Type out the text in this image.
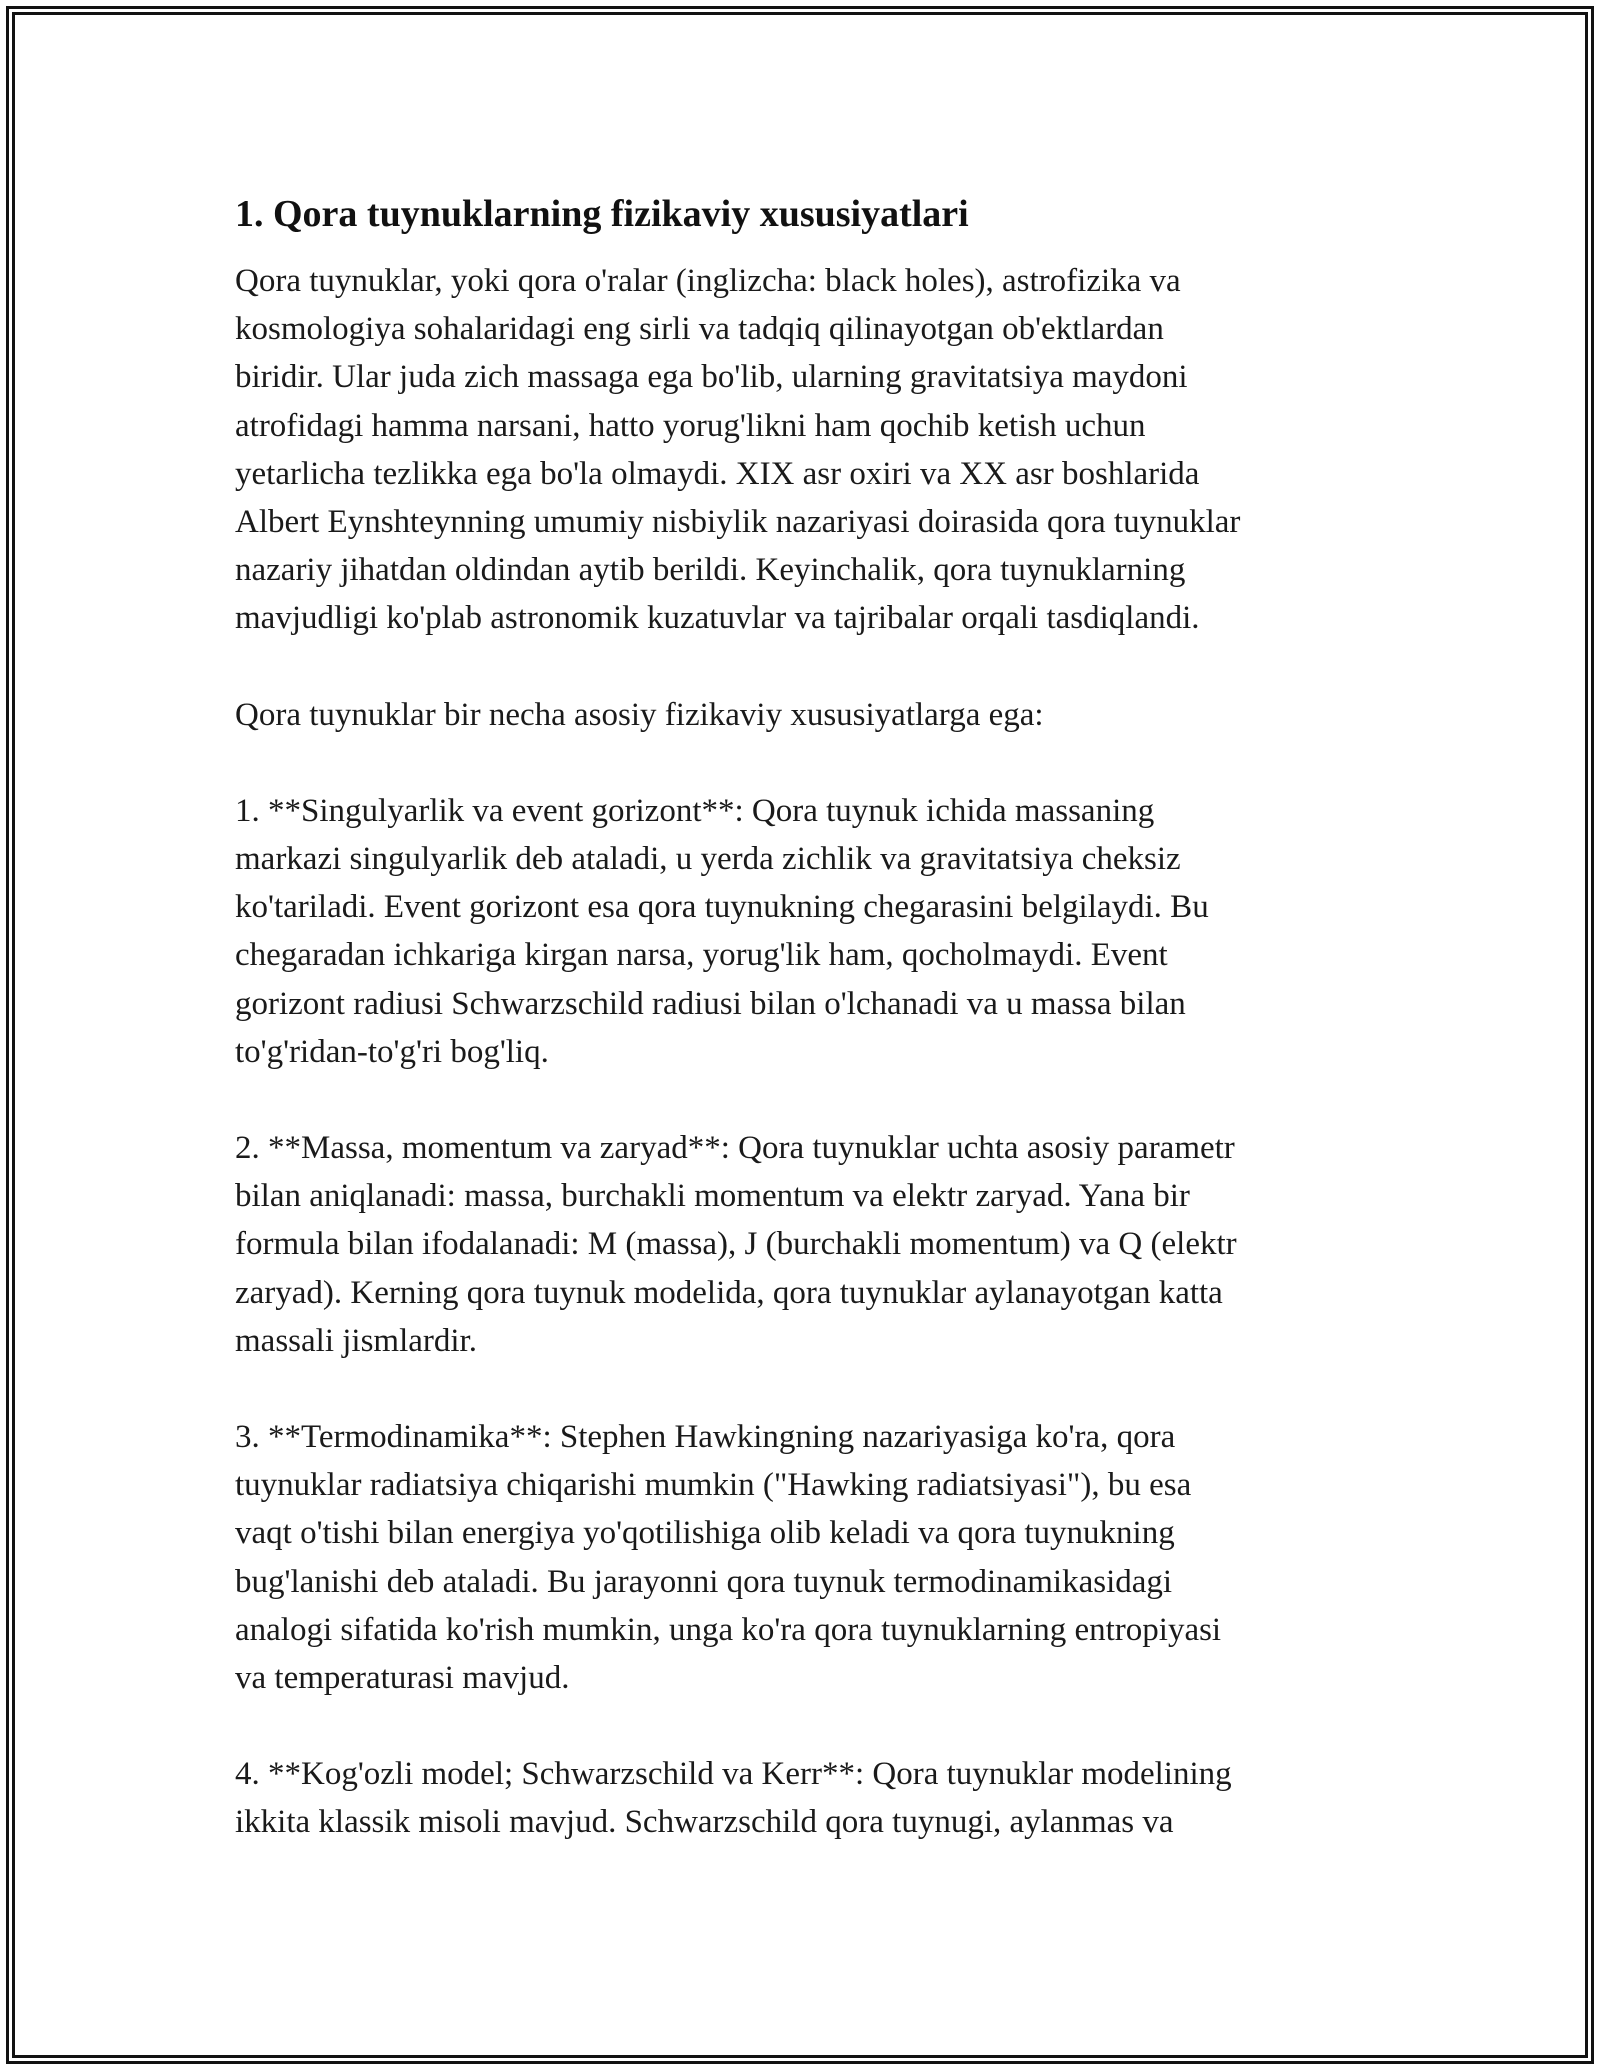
1. Qora tuynuklarning fizikaviy xususiyatlari

Qora tuynuklar, yoki qora o'ralar (inglizcha: black holes), astrofizika va
kosmologiya sohalaridagi eng sirli va tadqiq qilinayotgan ob'ektlardan
biridir. Ular juda zich massaga ega bo'lib, ularning gravitatsiya maydoni
atrofidagi hamma narsani, hatto yorug'likni ham qochib ketish uchun
yetarlicha tezlikka ega bo'la olmaydi. XIX asr oxiri va XX asr boshlarida
Albert Eynshteynning umumiy nisbiylik nazariyasi doirasida qora tuynuklar
nazariy jihatdan oldindan aytib berildi. Keyinchalik, qora tuynuklarning
mavjudligi ko'plab astronomik kuzatuvlar va tajribalar orqali tasdiqlandi.

Qora tuynuklar bir necha asosiy fizikaviy xususiyatlarga ega:

1. **Singulyarlik va event gorizont**: Qora tuynuk ichida massaning
markazi singulyarlik deb ataladi, u yerda zichlik va gravitatsiya cheksiz
ko'tariladi. Event gorizont esa qora tuynukning chegarasini belgilaydi. Bu
chegaradan ichkariga kirgan narsa, yorug'lik ham, qocholmaydi. Event
gorizont radiusi Schwarzschild radiusi bilan o'lchanadi va u massa bilan
to'g'ridan-to'g'ri bog'liq.

2. **Massa, momentum va zaryad**: Qora tuynuklar uchta asosiy parametr
bilan aniqlanadi: massa, burchakli momentum va elektr zaryad. Yana bir
formula bilan ifodalanadi: M (massa), J (burchakli momentum) va Q (elektr
zaryad). Kerning qora tuynuk modelida, qora tuynuklar aylanayotgan katta
massali jismlardir.

3. **Termodinamika**: Stephen Hawkingning nazariyasiga ko'ra, qora
tuynuklar radiatsiya chiqarishi mumkin ("Hawking radiatsiyasi"), bu esa
vaqt o'tishi bilan energiya yo'qotilishiga olib keladi va qora tuynukning
bug'lanishi deb ataladi. Bu jarayonni qora tuynuk termodinamikasidagi
analogi sifatida ko'rish mumkin, unga ko'ra qora tuynuklarning entropiyasi
va temperaturasi mavjud.

4. **Kog'ozli model; Schwarzschild va Kerr**: Qora tuynuklar modelining
ikkita klassik misoli mavjud. Schwarzschild qora tuynugi, aylanmas va
